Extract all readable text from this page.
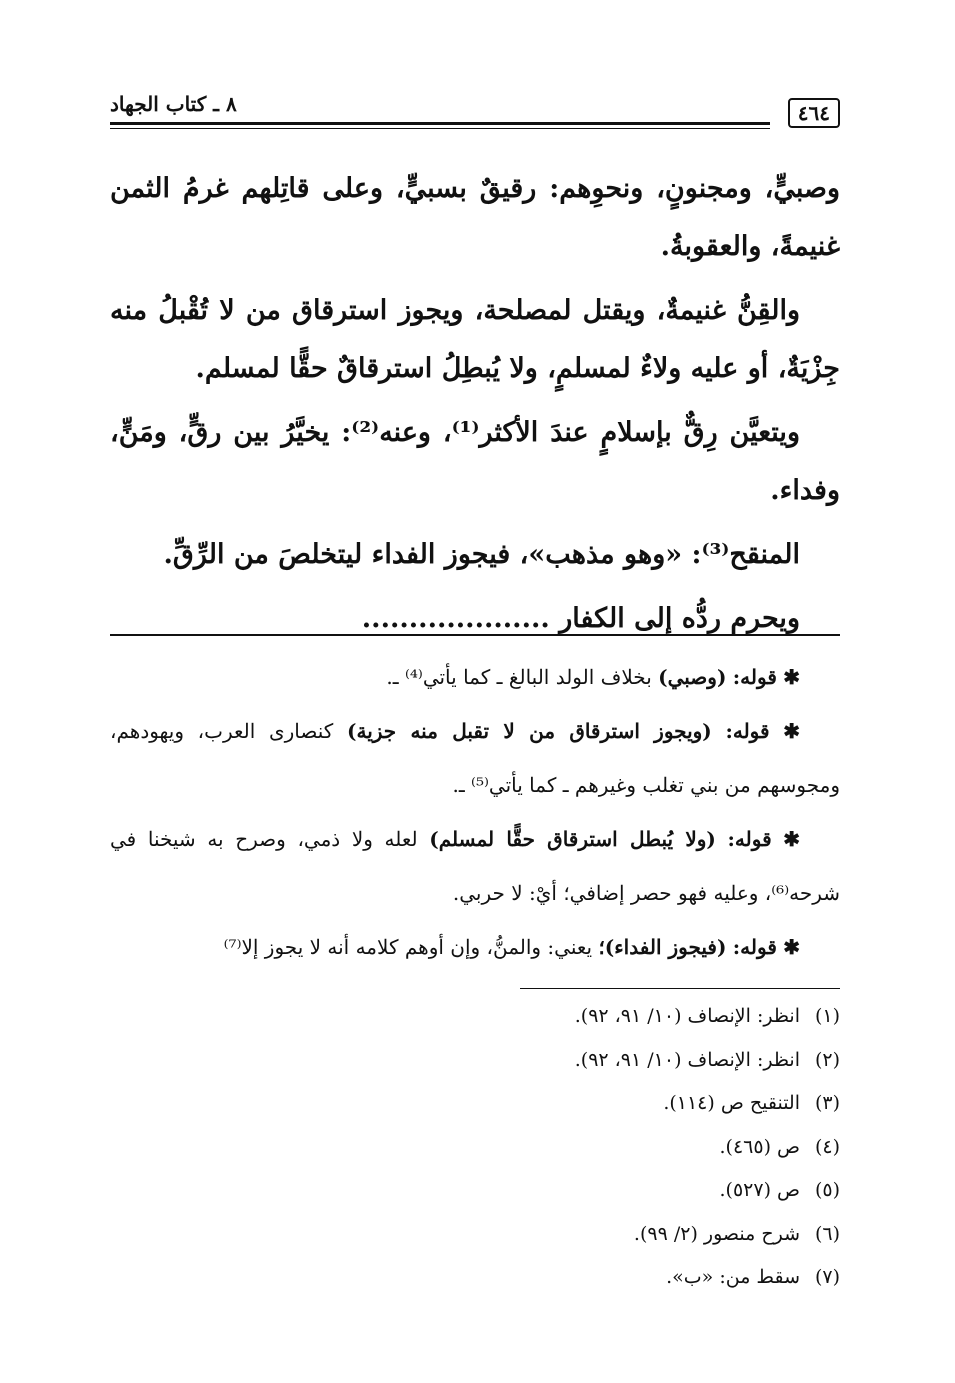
٤٦٤
٨ ـ كتاب الجهاد

وصبيٍّ، ومجنونٍ، ونحوِهم: رقيقٌ بسبيٍّ، وعلى قاتِلهم غرمُ الثمن غنيمةً، والعقوبةُ.

والقِنُّ غنيمةٌ، ويقتل لمصلحة، ويجوز استرقاق من لا تُقْبلُ منه جِزْيَةٌ، أو عليه ولاءٌ لمسلمٍ، ولا يُبطِلُ استرقاقٌ حقًّا لمسلم.

ويتعيَّن رِقٌّ بإسلامٍ عندَ الأكثر⁽¹⁾، وعنه⁽²⁾: يخيَّرُ بين رقٍّ، ومَنٍّ، وفداء.

المنقح⁽³⁾: «وهو مذهب»، فيجوز الفداء ليتخلصَ من الرِّقِّ.

ويحرم ردُّه إلى الكفار ....................

✱ قوله: (وصبي) بخلاف الولد البالغ ـ كما يأتي⁽⁴⁾ ـ.

✱ قوله: (ويجوز استرقاق من لا تقبل منه جزية) كنصارى العرب، ويهودهم، ومجوسهم من بني تغلب وغيرهم ـ كما يأتي⁽⁵⁾ ـ.

✱ قوله: (ولا يُبطل استرقاق حقًّا لمسلم) لعله ولا ذمي، وصرح به شيخنا في شرحه⁽⁶⁾، وعليه فهو حصر إضافي؛ أيْ: لا حربي.

✱ قوله: (فيجوز الفداء)؛ يعني: والمنُّ، وإن أوهم كلامه أنه لا يجوز إلا⁽⁷⁾

(١)انظر: الإنصاف (١٠/ ٩١، ٩٢).
(٢)انظر: الإنصاف (١٠/ ٩١، ٩٢).
(٣)التنقيح ص (١١٤).
(٤)ص (٤٦٥).
(٥)ص (٥٢٧).
(٦)شرح منصور (٢/ ٩٩).
(٧)سقط من: «ب».
